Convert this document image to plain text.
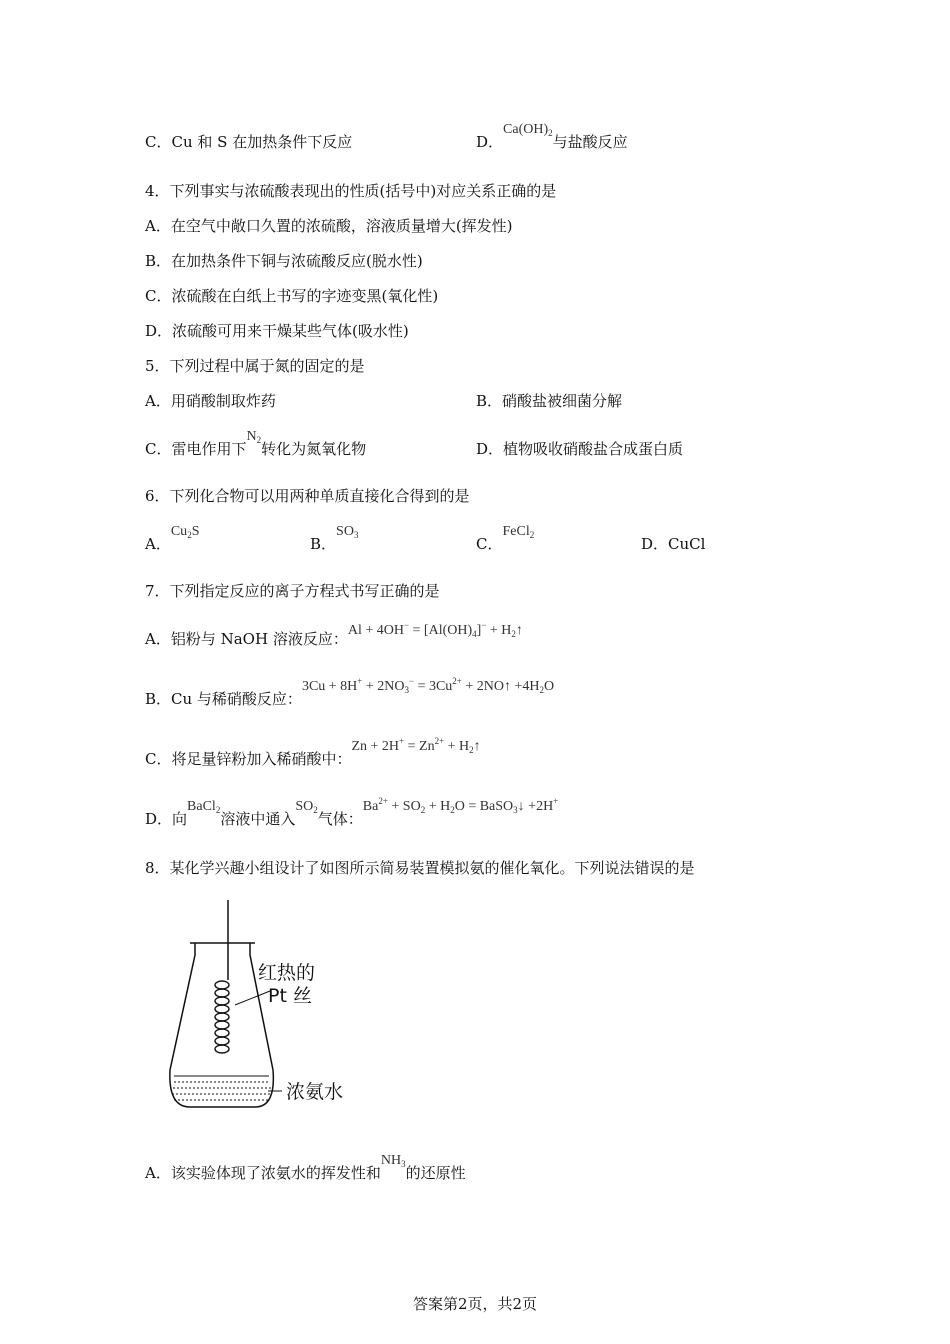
C．Cu 和 S 在加热条件下反应	D．$Ca(OH)_2$与盐酸反应
4．下列事实与浓硫酸表现出的性质(括号中)对应关系正确的是
A．在空气中敞口久置的浓硫酸，溶液质量增大(挥发性)
B．在加热条件下铜与浓硫酸反应(脱水性)
C．浓硫酸在白纸上书写的字迹变黑(氧化性)
D．浓硫酸可用来干燥某些气体(吸水性)
5．下列过程中属于氮的固定的是
A．用硝酸制取炸药	B．硝酸盐被细菌分解
C．雷电作用下$N_2$转化为氮氧化物	D．植物吸收硝酸盐合成蛋白质
6．下列化合物可以用两种单质直接化合得到的是
A．$Cu_2S$
B．$SO_3$	C．FeCl$_2$	D．CuCl
7．下列指定反应的离子方程式书写正确的是
A．铝粉与 NaOH 溶液反应：$Al + 4OH^- = [Al(OH)_4]^-$ + $H_2↑$
B．Cu 与稀硝酸反应：$3Cu + 8H^+ + 2NO_3^- = 3Cu^{2+}$ + 2NO↑ $+4H_2O$
C．将足量锌粉加入稀硝酸中：$Zn + 2H^+ = Zn^{2+}$ + $H_2↑$
D．向BaCl$_2$溶液中通入$SO_2$气体：$Ba^{2+} + SO_2 + H_2O$ = BaSO$_3$↓ +2H+
8．某化学兴趣小组设计了如图所示简易装置模拟氨的催化氧化。下列说法错误的是
红热的
Pt 丝
浓氨水
A．该实验体现了浓氨水的挥发性和$NH_3$的还原性
答案第2页，共2页
